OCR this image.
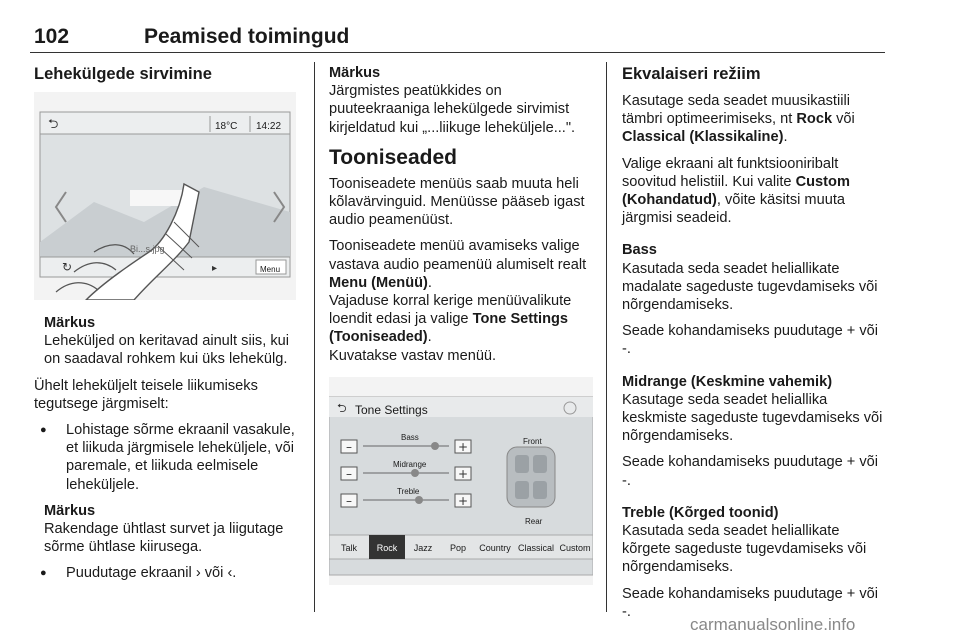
102	Peamised toimingud
Lehekülgede sirvimine
⮌
↻	▸
18°C 14:22
Bi...s.jpg
Menu
Märkus

Leheküljed on keritavad ainult siis, kui on saadaval rohkem kui üks lehekülg.

Ühelt leheküljelt teisele liikumiseks tegutsege järgmiselt:

● Lohistage sõrme ekraanil vasakule, et liikuda järgmisele leheküljele, või paremale, et liikuda eelmisele leheküljele.
Märkus

Rakendage ühtlast survet ja liigutage sõrme ühtlase kiirusega.

● Puudutage ekraanil › või ‹.
Märkus

Järgmistes peatükkides on puuteekraaniga lehekülgede sirvimist kirjeldatud kui „...liikuge leheküljele...".

Tooniseaded

Tooniseadete menüüs saab muuta heli kõlavärvinguid. Menüüsse pääseb igast audio peamenüüst.

Tooniseadete menüü avamiseks valige vastava audio peamenüü alumiselt realt Menu (Menüü).

Vajaduse korral kerige menüüvalikute loendit edasi ja valige Tone Settings (Tooniseaded).

Kuvatakse vastav menüü.

⮌
–	+
–	+
–	+
Tone Settings
Bass
Midrange
Treble
Front
Rear
Talk	Rock	Jazz	Pop	Country Classical Custom
Ekvalaiseri režiim

Kasutage seda seadet muusikastiili tämbri optimeerimiseks, nt Rock või Classical (Klassikaline).

Valige ekraani alt funktsiooniribalt soovitud helistiil. Kui valite Custom (Kohandatud), võite käsitsi muuta järgmisi seadeid.

Bass

Kasutada seda seadet heliallikate madalate sageduste tugevdamiseks või nõrgendamiseks.

Seade kohandamiseks puudutage + või -.

Midrange (Keskmine vahemik)

Kasutage seda seadet heliallika keskmiste sageduste tugevdamiseks või nõrgendamiseks.

Seade kohandamiseks puudutage + või -.

Treble (Kõrged toonid)

Kasutada seda seadet heliallikate kõrgete sageduste tugevdamiseks või nõrgendamiseks.

Seade kohandamiseks puudutage + või -.

carmanualsonline.info
